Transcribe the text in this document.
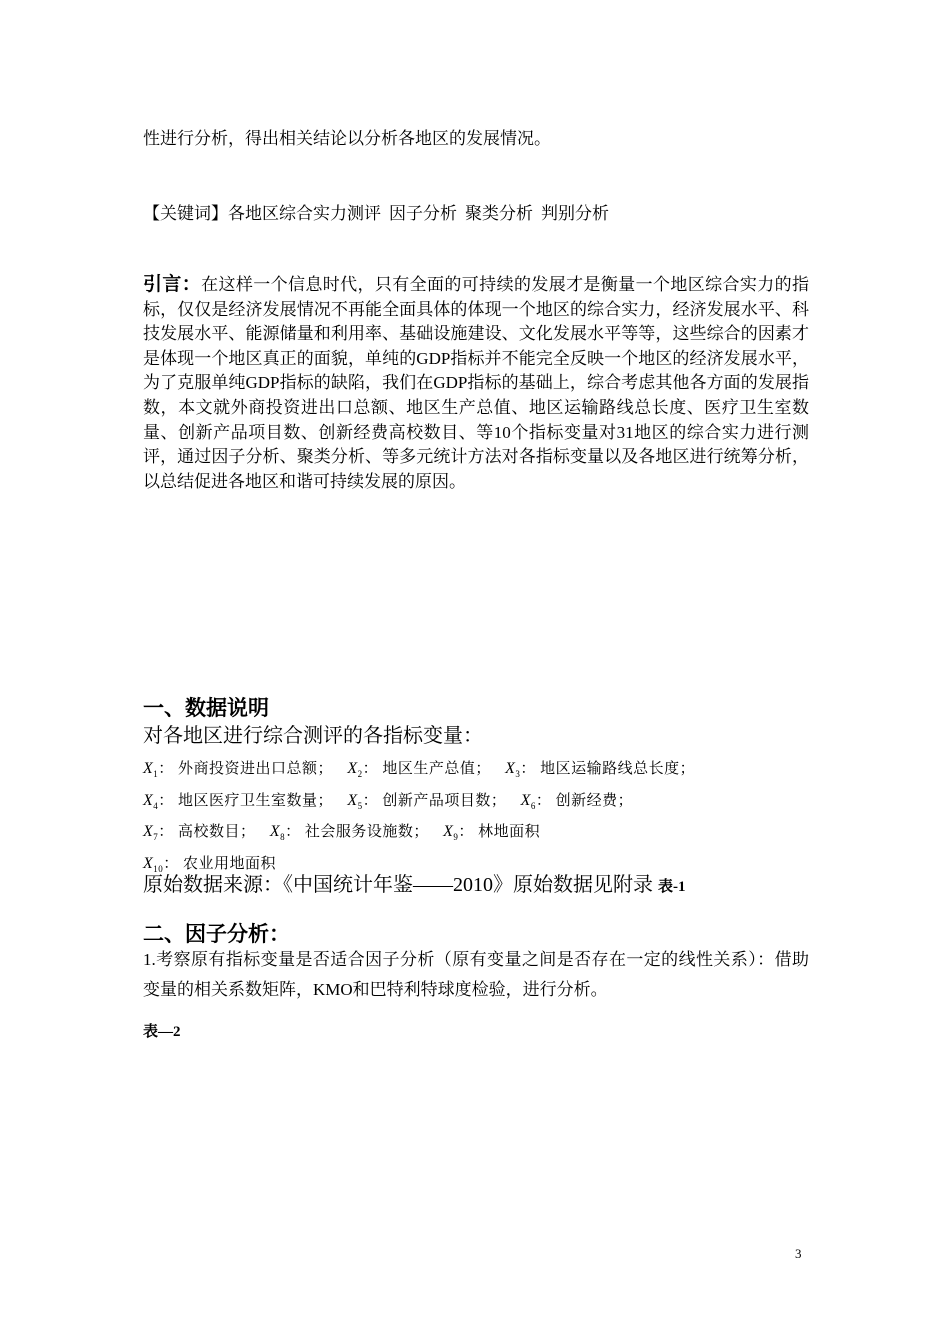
性进行分析，得出相关结论以分析各地区的发展情况。
【关键词】各地区综合实力测评 因子分析 聚类分析 判别分析
引言：在这样一个信息时代，只有全面的可持续的发展才是衡量一个地区综合实力的指标，仅仅是经济发展情况不再能全面具体的体现一个地区的综合实力，经济发展水平、科技发展水平、能源储量和利用率、基础设施建设、文化发展水平等等，这些综合的因素才是体现一个地区真正的面貌，单纯的GDP指标并不能完全反映一个地区的经济发展水平，为了克服单纯GDP指标的缺陷，我们在GDP指标的基础上，综合考虑其他各方面的发展指数，本文就外商投资进出口总额、地区生产总值、地区运输路线总长度、医疗卫生室数量、创新产品项目数、创新经费高校数目、等10个指标变量对31地区的综合实力进行测评，通过因子分析、聚类分析、等多元统计方法对各指标变量以及各地区进行统筹分析，以总结促进各地区和谐可持续发展的原因。
一、数据说明
对各地区进行综合测评的各指标变量：
$X_1$： 外商投资进出口总额； $X_2$： 地区生产总值； $X_3$： 地区运输路线总长度；
$X_4$： 地区医疗卫生室数量； $X_5$： 创新产品项目数； $X_6$： 创新经费；
$X_7$： 高校数目； $X_8$： 社会服务设施数； $X_9$： 林地面积
$X_{10}$： 农业用地面积
原始数据来源：《中国统计年鉴——2010》原始数据见附录 表-1
二、因子分析：
1.考察原有指标变量是否适合因子分析（原有变量之间是否存在一定的线性关系）：借助变量的相关系数矩阵，KMO和巴特利特球度检验，进行分析。
表—2
3
